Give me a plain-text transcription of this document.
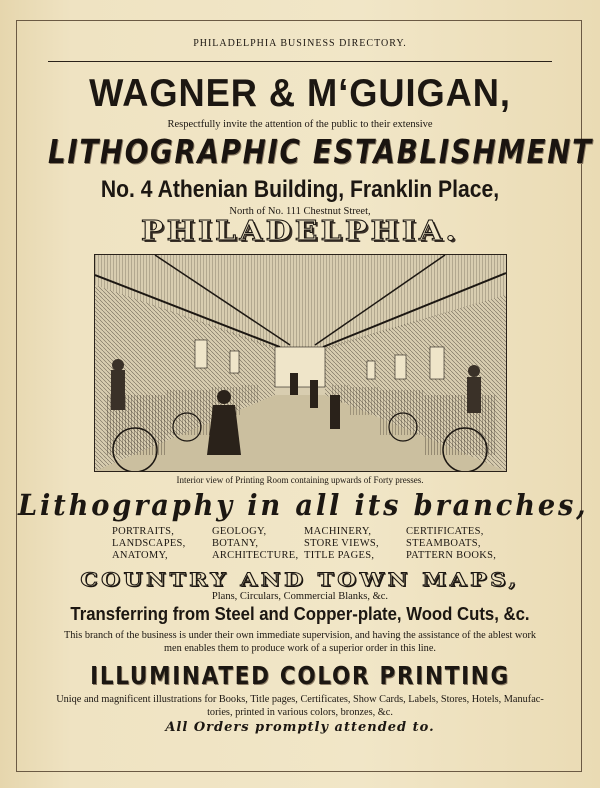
PHILADELPHIA BUSINESS DIRECTORY.
WAGNER & M‘GUIGAN,
Respectfully invite the attention of the public to their extensive
LITHOGRAPHIC ESTABLISHMENT
No. 4 Athenian Building, Franklin Place,
North of No. 111 Chestnut Street,
PHILADELPHIA.
Interior view of Printing Room containing upwards of Forty presses.
Lithography in all its branches,
PORTRAITS,
LANDSCAPES,
ANATOMY,
GEOLOGY,
BOTANY,
ARCHITECTURE,
MACHINERY,
STORE VIEWS,
TITLE PAGES,
CERTIFICATES,
STEAMBOATS,
PATTERN BOOKS,
COUNTRY AND TOWN MAPS,
Plans, Circulars, Commercial Blanks, &c.
Transferring from Steel and Copper-plate, Wood Cuts, &c.
This branch of the business is under their own immediate supervision, and having the assistance of the ablest work
men enables them to produce work of a superior order in this line.
ILLUMINATED COLOR PRINTING
Uniqe and magnificent illustrations for Books, Title pages, Certificates, Show Cards, Labels, Stores, Hotels, Manufac-
tories, printed in various colors, bronzes, &c.
All Orders promptly attended to.
